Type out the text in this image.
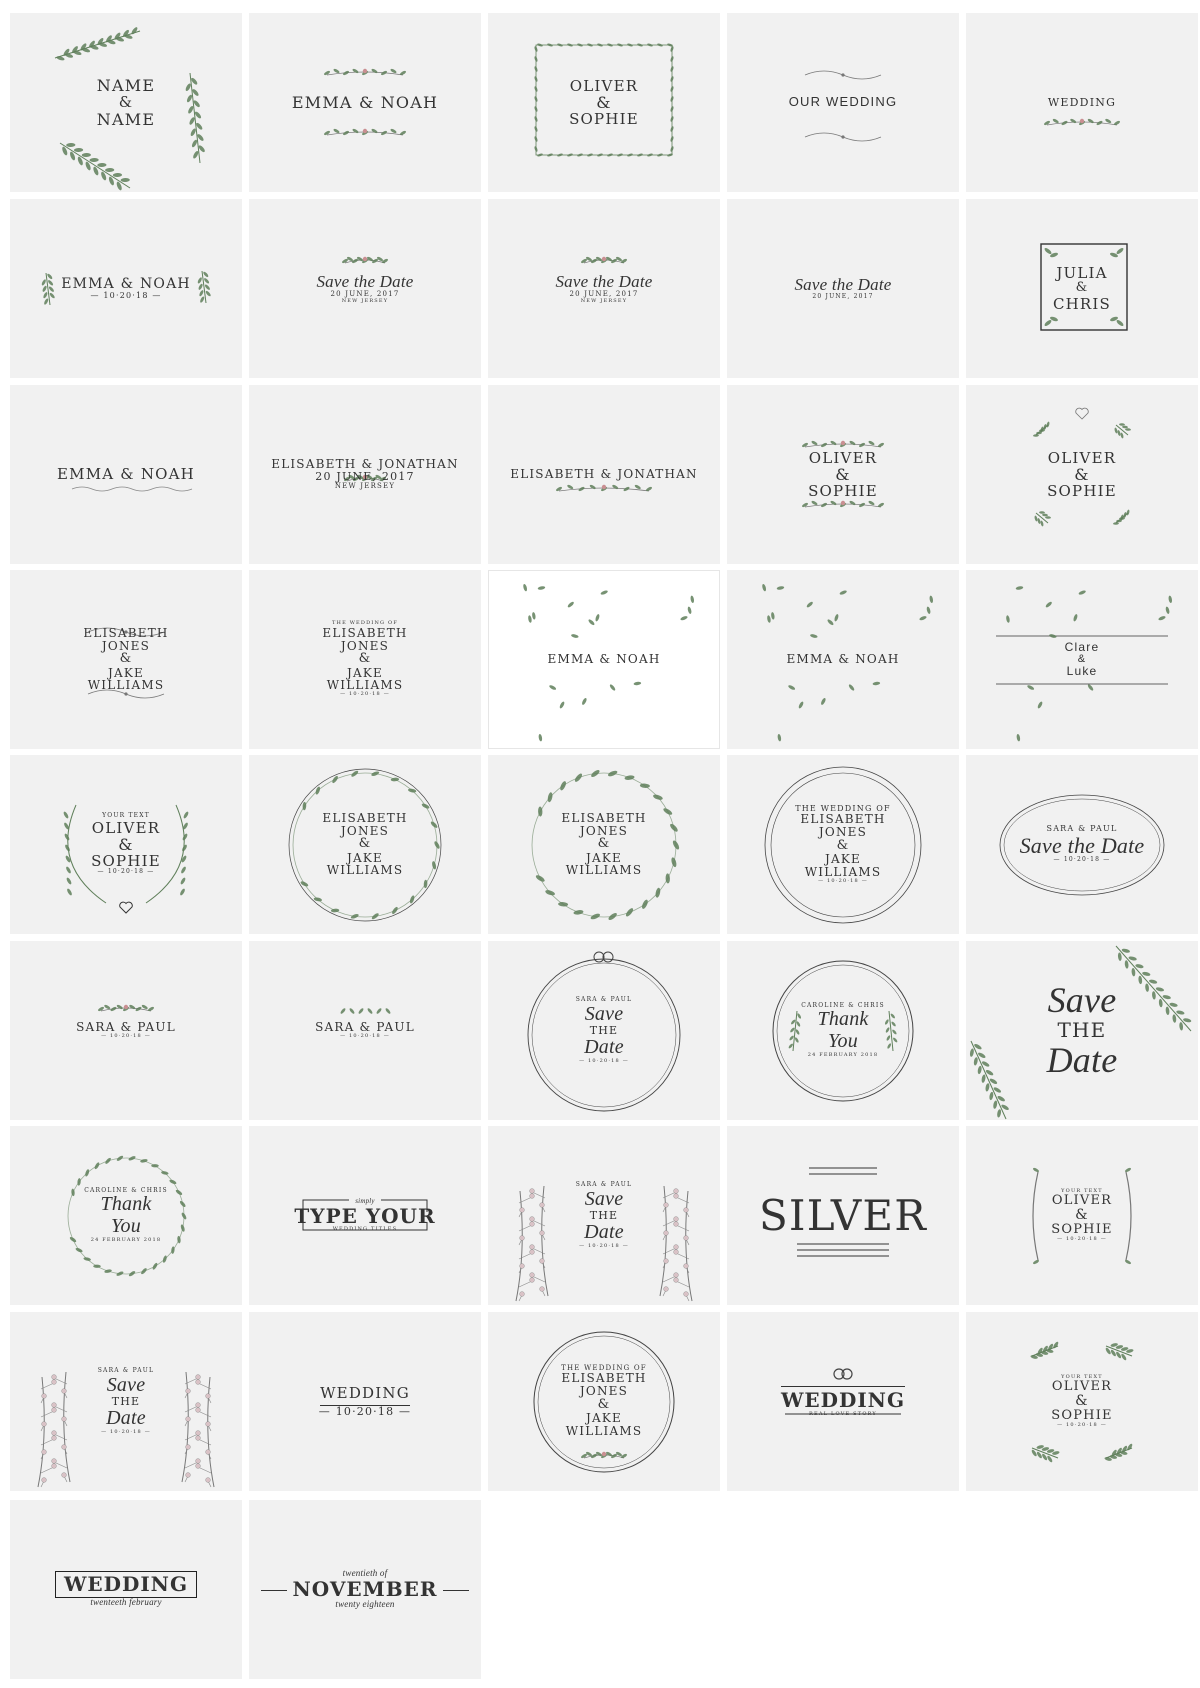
NAME
&
NAME
EMMA & NOAH
OLIVER
&
SOPHIE
OUR WEDDING	WEDDING
EMMA & NOAH
— 10·20·18 —
Save the Date
20 JUNE, 2017
NEW JERSEY
Save the Date
20 JUNE, 2017
NEW JERSEY
Save the Date
20 JUNE, 2017
JULIA
&
CHRIS
EMMA & NOAH
ELISABETH & JONATHAN
20 JUNE, 2017
NEW JERSEY
ELISABETH & JONATHAN
OLIVER
&
SOPHIE
OLIVER
&
SOPHIE
ELISABETH
JONES
&
JAKE
WILLIAMS
THE WEDDING OF
ELISABETH
JONES
&
JAKE
WILLIAMS
— 10·20·18 —
EMMA & NOAH	EMMA & NOAH
Clare
&
Luke
YOUR TEXT
OLIVER
&
SOPHIE
— 10·20·18 —
ELISABETH
JONES
&
JAKE
WILLIAMS
ELISABETH
JONES
&
JAKE
WILLIAMS
THE WEDDING OF
ELISABETH
JONES
&
JAKE
WILLIAMS
— 10·20·18 —
SARA & PAUL
Save the Date
— 10·20·18 —
SARA & PAUL
— 10·20·18 —
SARA & PAUL
— 10·20·18 —
SARA & PAUL
Save
THE
Date
— 10·20·18 —
CAROLINE & CHRIS
Thank
You
24 FEBRUARY 2018
Save
THE
Date
CAROLINE & CHRIS
Thank
You
24 FEBRUARY 2018
simply
TYPE YOUR
WEDDING TITLES
SARA & PAUL
Save
THE
Date
— 10·20·18 —
SILVER
YOUR TEXT
OLIVER
&
SOPHIE
— 10·20·18 —
SARA & PAUL
Save
THE
Date
— 10·20·18 —
WEDDING
— 10·20·18 —
THE WEDDING OF
ELISABETH
JONES
&
JAKE
WILLIAMS
WEDDING
REAL LOVE STORY
YOUR TEXT
OLIVER
&
SOPHIE
— 10·20·18 —
WEDDING
twenteeth february
twentieth of
NOVEMBER
twenty eighteen
